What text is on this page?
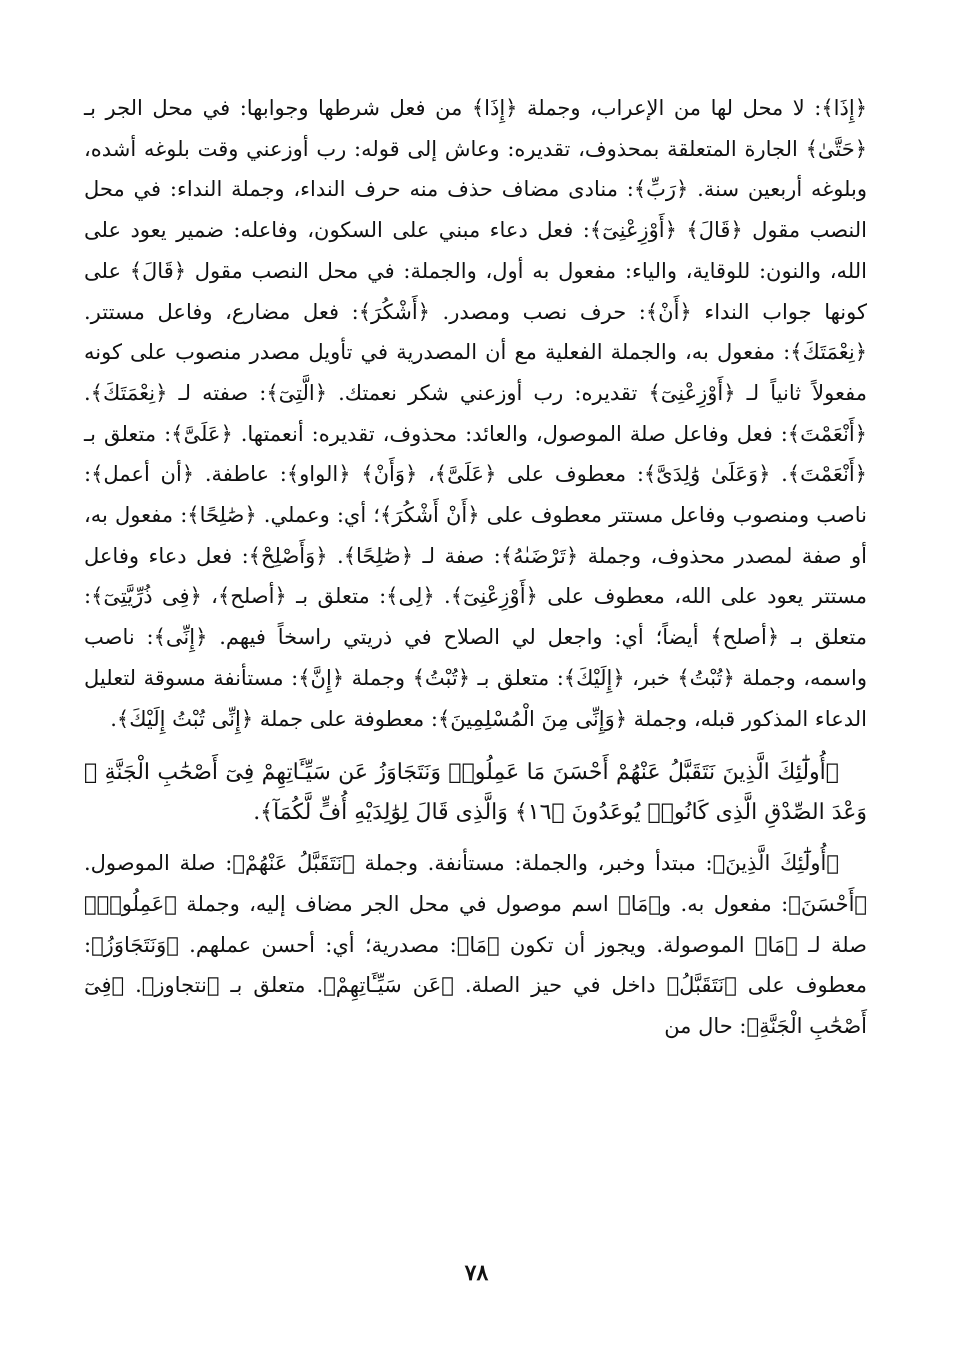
﴿إِذَا﴾: لا محل لها من الإعراب، وجملة ﴿إِذَا﴾ من فعل شرطها وجوابها: في محل الجر بـ ﴿حَتَّىٰ﴾ الجارة المتعلقة بمحذوف، تقديره: وعاش إلى قوله: رب أوزعني وقت بلوغه أشده، وبلوغه أربعين سنة. ﴿رَبِّ﴾: منادى مضاف حذف منه حرف النداء، وجملة النداء: في محل النصب مقول ﴿قَالَ﴾ ﴿أَوْزِعْنِىٓ﴾: فعل دعاء مبني على السكون، وفاعله: ضمير يعود على الله، والنون: للوقاية، والياء: مفعول به أول، والجملة: في محل النصب مقول ﴿قَالَ﴾ على كونها جواب النداء ﴿أَنْ﴾: حرف نصب ومصدر. ﴿أَشْكُرَ﴾: فعل مضارع، وفاعل مستتر. ﴿نِعْمَتَكَ﴾: مفعول به، والجملة الفعلية مع أن المصدرية في تأويل مصدر منصوب على كونه مفعولاً ثانياً لـ ﴿أَوْزِعْنِىٓ﴾ تقديره: رب أوزعني شكر نعمتك. ﴿الَّتِىٓ﴾: صفته لـ ﴿نِعْمَتَكَ﴾. ﴿أَنْعَمْتَ﴾: فعل وفاعل صلة الموصول، والعائد: محذوف، تقديره: أنعمتها. ﴿عَلَىَّ﴾: متعلق بـ ﴿أَنْعَمْتَ﴾. ﴿وَعَلَىٰ وَٰلِدَىَّ﴾: معطوف على ﴿عَلَىَّ﴾، ﴿وَأَنْ﴾ ﴿الواو﴾: عاطفة. ﴿أن أعمل﴾: ناصب ومنصوب وفاعل مستتر معطوف على ﴿أَنْ أَشْكُرَ﴾؛ أي: وعملي. ﴿صَٰلِحًا﴾: مفعول به، أو صفة لمصدر محذوف، وجملة ﴿تَرْضَىٰهُ﴾: صفة لـ ﴿صَٰلِحًا﴾. ﴿وَأَصْلِحْ﴾: فعل دعاء وفاعل مستتر يعود على الله، معطوف على ﴿أَوْزِعْنِىٓ﴾. ﴿لِى﴾: متعلق بـ ﴿أصلح﴾، ﴿فِى ذُرِّيَّتِىٓ﴾: متعلق بـ ﴿أصلح﴾ أيضاً؛ أي: واجعل لي الصلاح في ذريتي راسخاً فيهم. ﴿إِنِّى﴾: ناصب واسمه، وجملة ﴿تُبْتُ﴾ خبر، ﴿إِلَيْكَ﴾: متعلق بـ ﴿تُبْتُ﴾ وجملة ﴿إِنَّ﴾: مستأنفة مسوقة لتعليل الدعاء المذكور قبله، وجملة ﴿وَإِنِّى مِنَ الْمُسْلِمِينَ﴾: معطوفة على جملة ﴿إِنِّى تُبْتُ إِلَيْكَ﴾.

﴿أُولَٰٓئِكَ الَّذِينَ نَتَقَبَّلُ عَنْهُمْ أَحْسَنَ مَا عَمِلُوا۟ وَنَتَجَاوَزُ عَن سَيِّـَٔاتِهِمْ فِىٓ أَصْحَٰبِ الْجَنَّةِ ۖ وَعْدَ الصِّدْقِ الَّذِى كَانُوا۟ يُوعَدُونَ ﴿١٦﴾ وَالَّذِى قَالَ لِوَٰلِدَيْهِ أُفٍّ لَّكُمَآ﴾.

﴿أُولَٰٓئِكَ الَّذِينَ﴾: مبتدأ وخبر، والجملة: مستأنفة. وجملة ﴿نَتَقَبَّلُ عَنْهُمْ﴾: صلة الموصول. ﴿أَحْسَنَ﴾: مفعول به. و﴿مَا﴾ اسم موصول في محل الجر مضاف إليه، وجملة ﴿عَمِلُوا۟﴾ صلة لـ ﴿مَا﴾ الموصولة. ويجوز أن تكون ﴿مَا﴾: مصدرية؛ أي: أحسن عملهم. ﴿وَنَتَجَاوَزُ﴾: معطوف على ﴿نَتَقَبَّلُ﴾ داخل في حيز الصلة. ﴿عَن سَيِّـَٔاتِهِمْ﴾. متعلق بـ ﴿نتجاوز﴾. ﴿فِىٓ أَصْحَٰبِ الْجَنَّةِ﴾: حال من

٧٨
